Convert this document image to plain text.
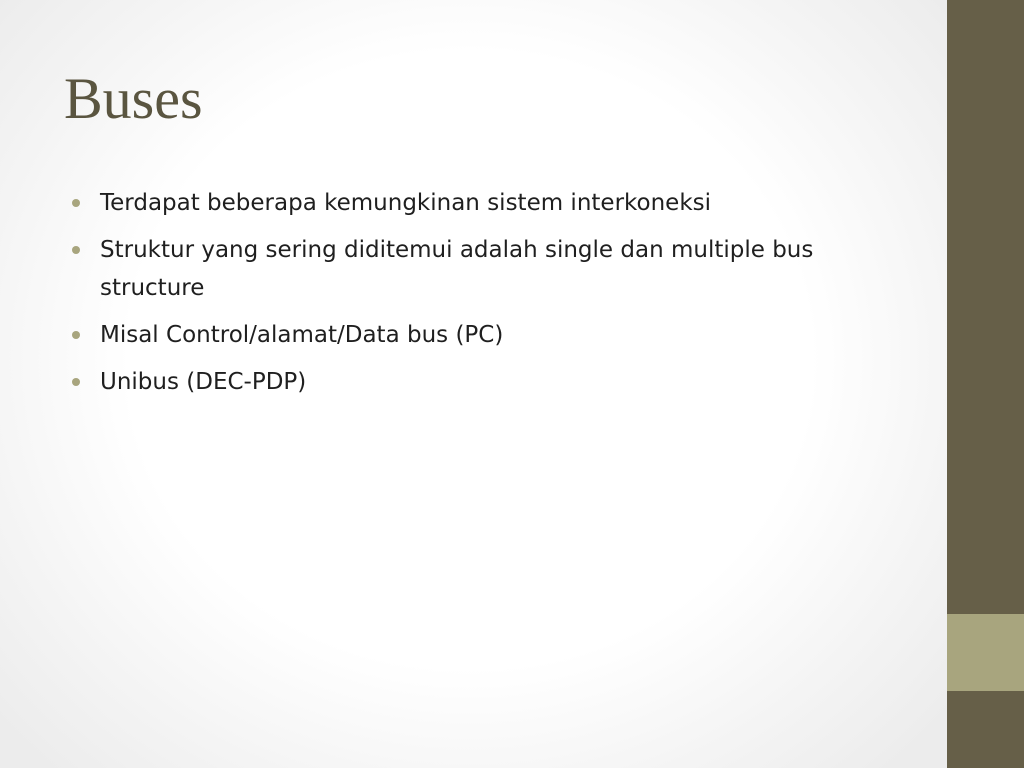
Buses
Terdapat beberapa kemungkinan sistem interkoneksi
Struktur yang sering diditemui adalah single dan multiple bus structure
Misal Control/alamat/Data bus (PC)
Unibus (DEC-PDP)
